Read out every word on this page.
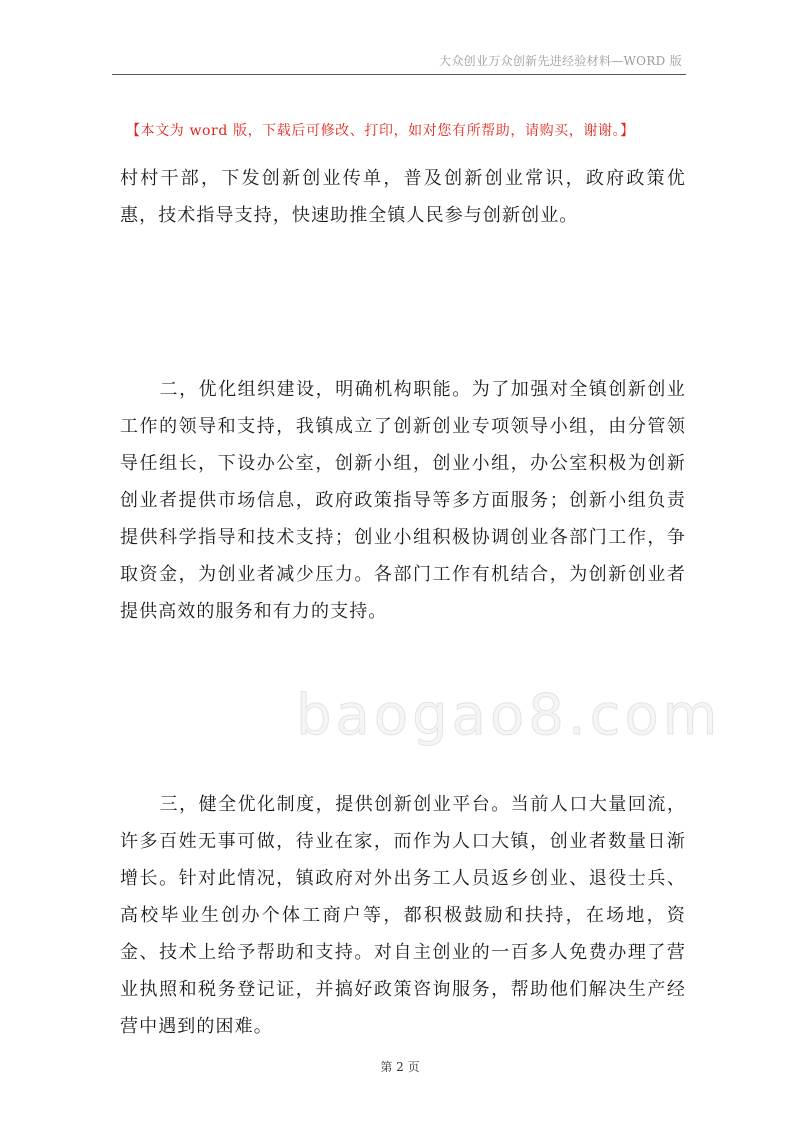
大众创业万众创新先进经验材料—WORD 版
【本文为 word 版，下载后可修改、打印，如对您有所帮助，请购买，谢谢。】
村村干部，下发创新创业传单，普及创新创业常识，政府政策优惠，技术指导支持，快速助推全镇人民参与创新创业。
二，优化组织建设，明确机构职能。为了加强对全镇创新创业工作的领导和支持，我镇成立了创新创业专项领导小组，由分管领导任组长，下设办公室，创新小组，创业小组，办公室积极为创新创业者提供市场信息，政府政策指导等多方面服务；创新小组负责提供科学指导和技术支持；创业小组积极协调创业各部门工作，争取资金，为创业者减少压力。各部门工作有机结合，为创新创业者提供高效的服务和有力的支持。
三，健全优化制度，提供创新创业平台。当前人口大量回流，许多百姓无事可做，待业在家，而作为人口大镇，创业者数量日渐增长。针对此情况，镇政府对外出务工人员返乡创业、退役士兵、高校毕业生创办个体工商户等，都积极鼓励和扶持，在场地，资金、技术上给予帮助和支持。对自主创业的一百多人免费办理了营业执照和税务登记证，并搞好政策咨询服务，帮助他们解决生产经营中遇到的困难。
baogao8.com
第 2 页
